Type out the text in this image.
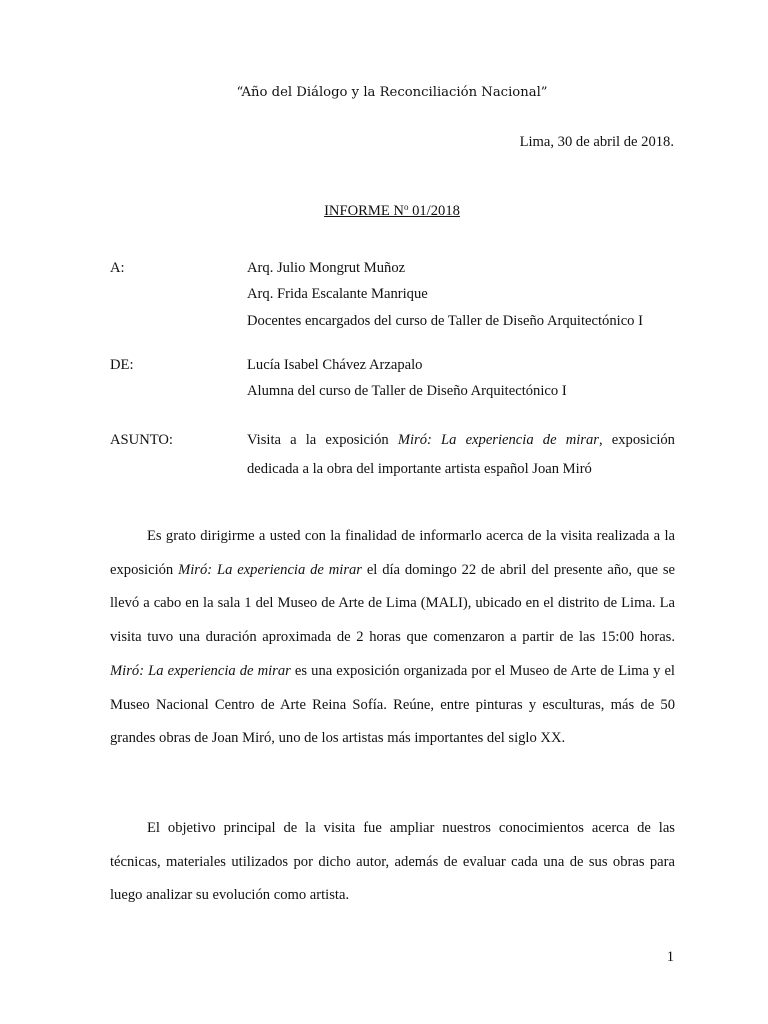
“Año del Diálogo y la Reconciliación Nacional”
Lima, 30 de abril de 2018.
INFORME $N^o$ 01/2018
A:	Arq. Julio Mongrut Muñoz
Arq. Frida Escalante Manrique
Docentes encargados del curso de Taller de Diseño Arquitectónico I
DE:	Lucía Isabel Chávez Arzapalo
Alumna del curso de Taller de Diseño Arquitectónico I
ASUNTO:	Visita a la exposición Miró: La experiencia de mirar, exposición dedicada a la obra del importante artista español Joan Miró
Es grato dirigirme a usted con la finalidad de informarlo acerca de la visita realizada a la exposición Miró: La experiencia de mirar el día domingo 22 de abril del presente año, que se llevó a cabo en la sala 1 del Museo de Arte de Lima (MALI), ubicado en el distrito de Lima. La visita tuvo una duración aproximada de 2 horas que comenzaron a partir de las 15:00 horas. Miró: La experiencia de mirar es una exposición organizada por el Museo de Arte de Lima y el Museo Nacional Centro de Arte Reina Sofía. Reúne, entre pinturas y esculturas, más de 50 grandes obras de Joan Miró, uno de los artistas más importantes del siglo XX.
El objetivo principal de la visita fue ampliar nuestros conocimientos acerca de las técnicas, materiales utilizados por dicho autor, además de evaluar cada una de sus obras para luego analizar su evolución como artista.
1
